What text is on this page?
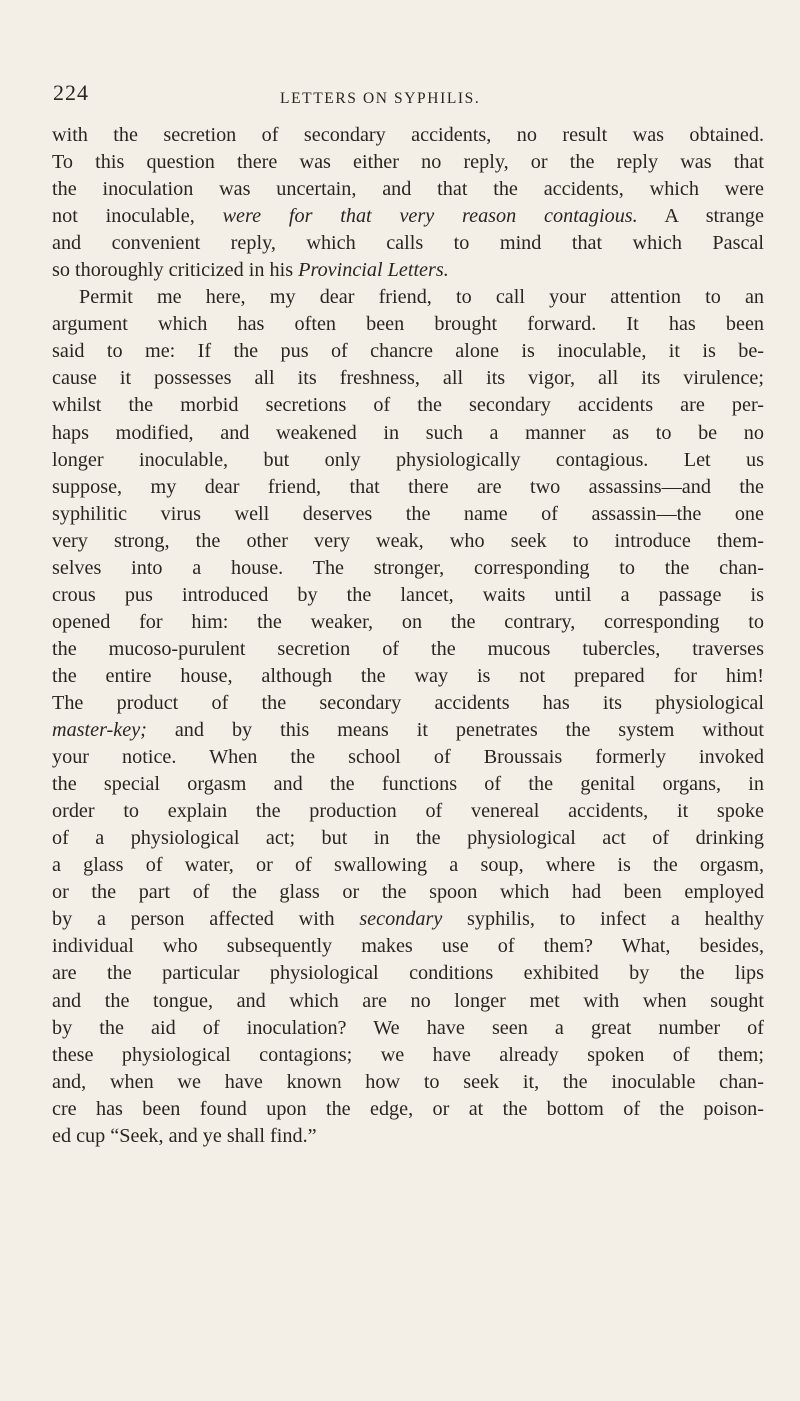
224	LETTERS ON SYPHILIS.
with the secretion of secondary accidents, no result was obtained.
To this question there was either no reply, or the reply was that
the inoculation was uncertain, and that the accidents, which were
not inoculable, were for that very reason contagious. A strange
and convenient reply, which calls to mind that which Pascal
so thoroughly criticized in his Provincial Letters.
Permit me here, my dear friend, to call your attention to an
argument which has often been brought forward. It has been
said to me: If the pus of chancre alone is inoculable, it is be-
cause it possesses all its freshness, all its vigor, all its virulence;
whilst the morbid secretions of the secondary accidents are per-
haps modified, and weakened in such a manner as to be no
longer inoculable, but only physiologically contagious. Let us
suppose, my dear friend, that there are two assassins—and the
syphilitic virus well deserves the name of assassin—the one
very strong, the other very weak, who seek to introduce them-
selves into a house. The stronger, corresponding to the chan-
crous pus introduced by the lancet, waits until a passage is
opened for him: the weaker, on the contrary, corresponding to
the mucoso-purulent secretion of the mucous tubercles, traverses
the entire house, although the way is not prepared for him!
The product of the secondary accidents has its physiological
master-key; and by this means it penetrates the system without
your notice. When the school of Broussais formerly invoked
the special orgasm and the functions of the genital organs, in
order to explain the production of venereal accidents, it spoke
of a physiological act; but in the physiological act of drinking
a glass of water, or of swallowing a soup, where is the orgasm,
or the part of the glass or the spoon which had been employed
by a person affected with secondary syphilis, to infect a healthy
individual who subsequently makes use of them? What, besides,
are the particular physiological conditions exhibited by the lips
and the tongue, and which are no longer met with when sought
by the aid of inoculation? We have seen a great number of
these physiological contagions; we have already spoken of them;
and, when we have known how to seek it, the inoculable chan-
cre has been found upon the edge, or at the bottom of the poison-
ed cup “Seek, and ye shall find.”
